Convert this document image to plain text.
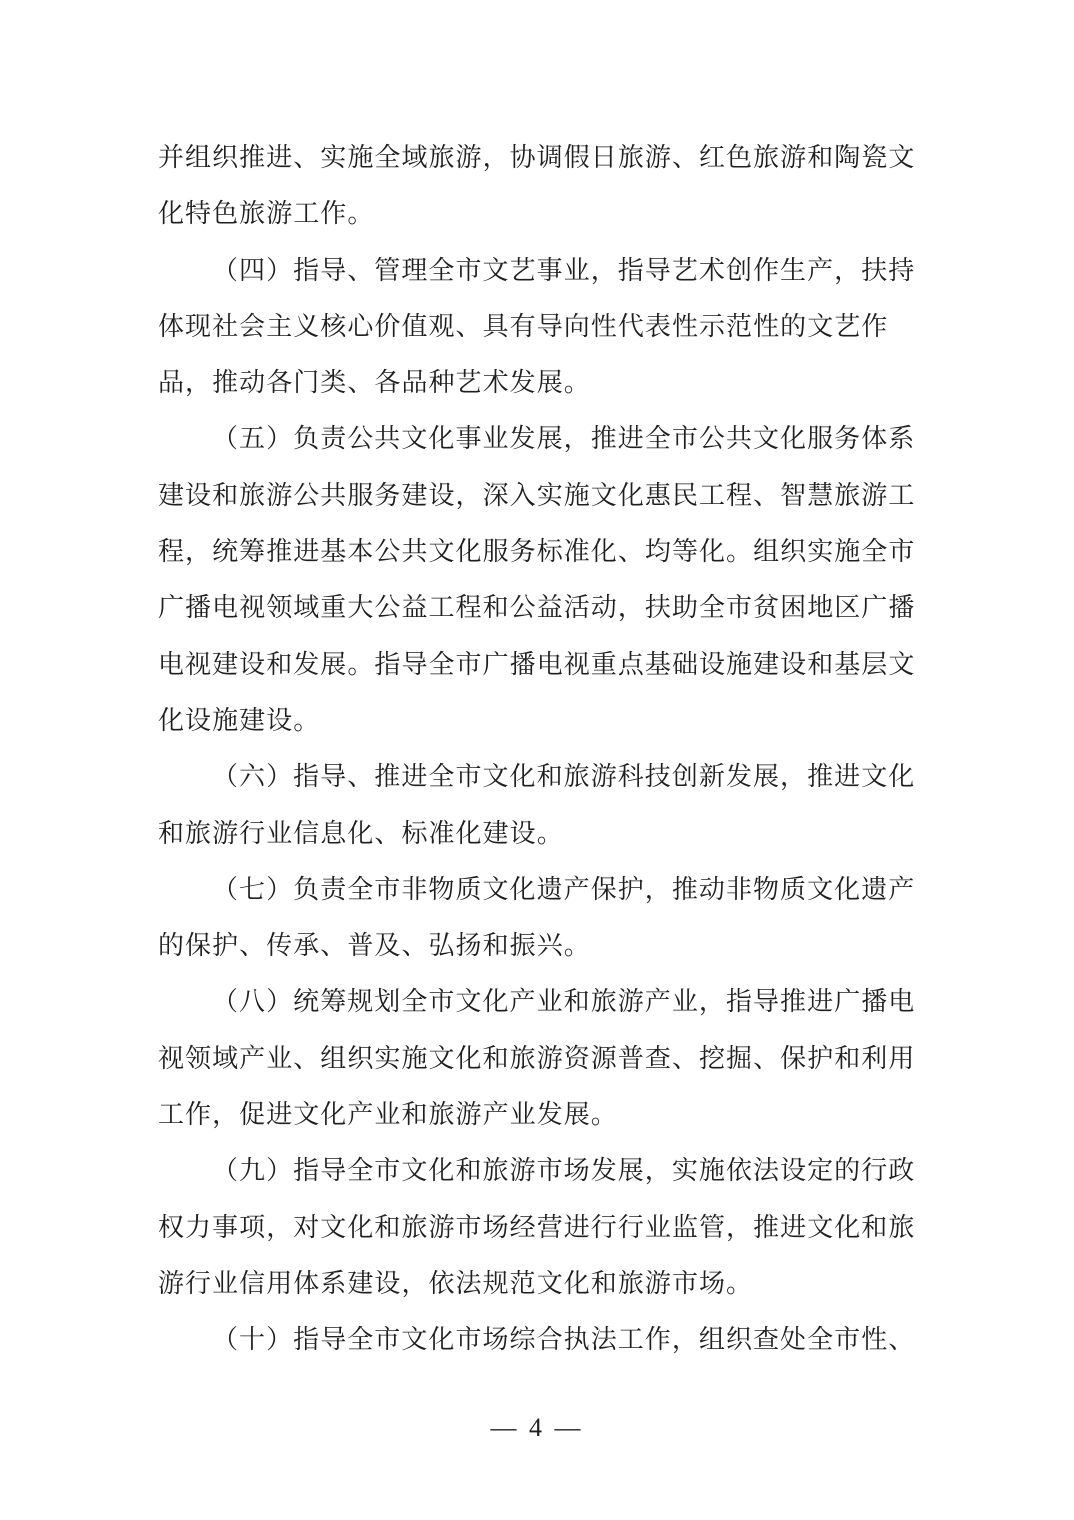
并组织推进、实施全域旅游，协调假日旅游、红色旅游和陶瓷文
化特色旅游工作。
（四）指导、管理全市文艺事业，指导艺术创作生产，扶持
体现社会主义核心价值观、具有导向性代表性示范性的文艺作
品，推动各门类、各品种艺术发展。
（五）负责公共文化事业发展，推进全市公共文化服务体系
建设和旅游公共服务建设，深入实施文化惠民工程、智慧旅游工
程，统筹推进基本公共文化服务标准化、均等化。组织实施全市
广播电视领域重大公益工程和公益活动，扶助全市贫困地区广播
电视建设和发展。指导全市广播电视重点基础设施建设和基层文
化设施建设。
（六）指导、推进全市文化和旅游科技创新发展，推进文化
和旅游行业信息化、标准化建设。
（七）负责全市非物质文化遗产保护，推动非物质文化遗产
的保护、传承、普及、弘扬和振兴。
（八）统筹规划全市文化产业和旅游产业，指导推进广播电
视领域产业、组织实施文化和旅游资源普查、挖掘、保护和利用
工作，促进文化产业和旅游产业发展。
（九）指导全市文化和旅游市场发展，实施依法设定的行政
权力事项，对文化和旅游市场经营进行行业监管，推进文化和旅
游行业信用体系建设，依法规范文化和旅游市场。
（十）指导全市文化市场综合执法工作，组织查处全市性、
— 4 —
